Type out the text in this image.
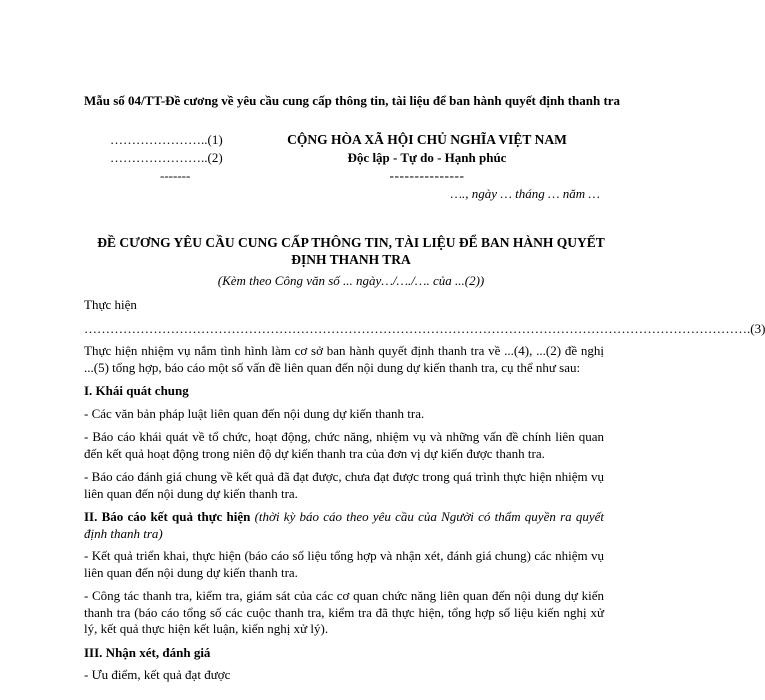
Mẫu số 04/TT-Đề cương về yêu cầu cung cấp thông tin, tài liệu để ban hành quyết định thanh tra
…………………..(1)
…………………..(2)
-------
CỘNG HÒA XÃ HỘI CHỦ NGHĨA VIỆT NAM
Độc lập - Tự do - Hạnh phúc
---------------
…., ngày … tháng … năm …
ĐỀ CƯƠNG YÊU CẦU CUNG CẤP THÔNG TIN, TÀI LIỆU ĐỂ BAN HÀNH QUYẾT ĐỊNH THANH TRA
(Kèm theo Công văn số ... ngày…/…./…. của ...(2))

Thực hiện

……………………………………………………………………………………………………………………………………… .(3)

Thực hiện nhiệm vụ nắm tình hình làm cơ sở ban hành quyết định thanh tra về ...(4), ...(2) đề nghị ...(5) tổng hợp, báo cáo một số vấn đề liên quan đến nội dung dự kiến thanh tra, cụ thể như sau:

I. Khái quát chung

- Các văn bản pháp luật liên quan đến nội dung dự kiến thanh tra.

- Báo cáo khái quát về tổ chức, hoạt động, chức năng, nhiệm vụ và những vấn đề chính liên quan đến kết quả hoạt động trong niên độ dự kiến thanh tra của đơn vị dự kiến được thanh tra.

- Báo cáo đánh giá chung về kết quả đã đạt được, chưa đạt được trong quá trình thực hiện nhiệm vụ liên quan đến nội dung dự kiến thanh tra.

II. Báo cáo kết quả thực hiện (thời kỳ báo cáo theo yêu cầu của Người có thẩm quyền ra quyết định thanh tra)

- Kết quả triển khai, thực hiện (báo cáo số liệu tổng hợp và nhận xét, đánh giá chung) các nhiệm vụ liên quan đến nội dung dự kiến thanh tra.

- Công tác thanh tra, kiểm tra, giám sát của các cơ quan chức năng liên quan đến nội dung dự kiến thanh tra (báo cáo tổng số các cuộc thanh tra, kiểm tra đã thực hiện, tổng hợp số liệu kiến nghị xử lý, kết quả thực hiện kết luận, kiến nghị xử lý).

III. Nhận xét, đánh giá

- Ưu điểm, kết quả đạt được
